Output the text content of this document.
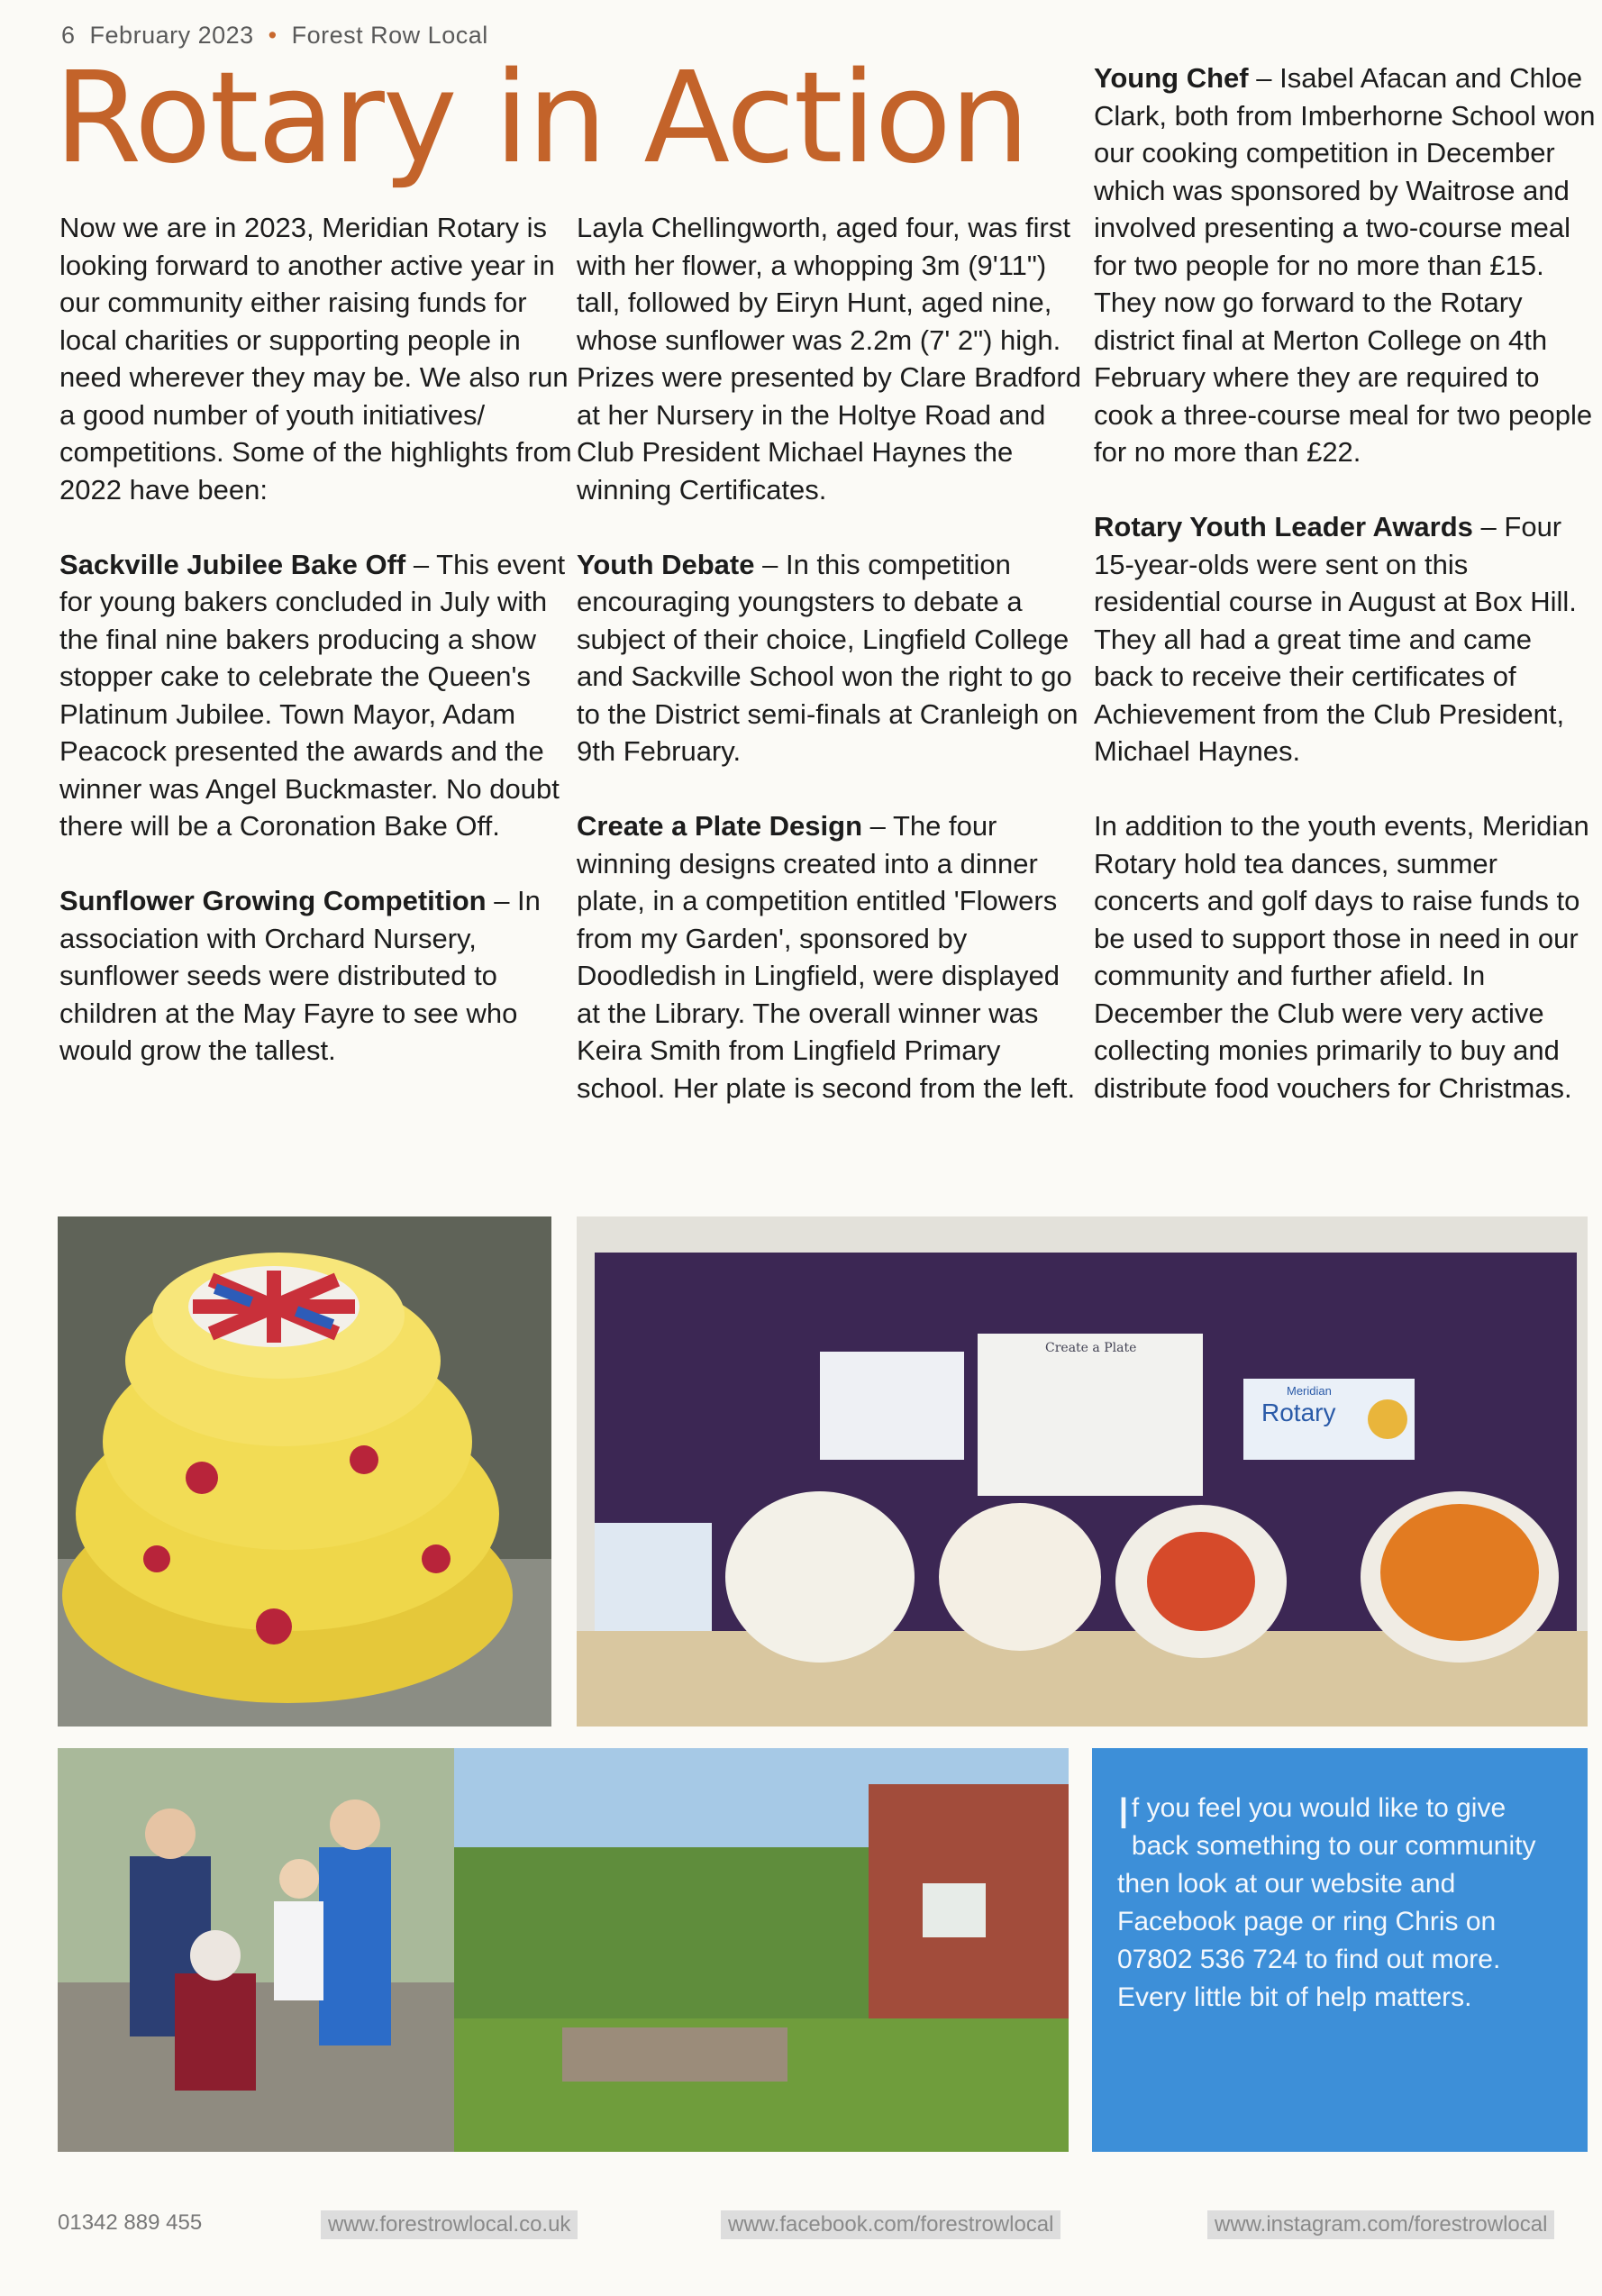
6 February 2023 • Forest Row Local
Rotary in Action

Now we are in 2023, Meridian Rotary is looking forward to another active year in our community either raising funds for local charities or supporting people in need wherever they may be. We also run a good number of youth initiatives/ competitions. Some of the highlights from 2022 have been:

Sackville Jubilee Bake Off – This event for young bakers concluded in July with the final nine bakers producing a show stopper cake to celebrate the Queen's Platinum Jubilee. Town Mayor, Adam Peacock presented the awards and the winner was Angel Buckmaster. No doubt there will be a Coronation Bake Off.

Sunflower Growing Competition – In association with Orchard Nursery, sunflower seeds were distributed to children at the May Fayre to see who would grow the tallest.

Layla Chellingworth, aged four, was first with her flower, a whopping 3m (9'11") tall, followed by Eiryn Hunt, aged nine, whose sunflower was 2.2m (7' 2") high. Prizes were presented by Clare Bradford at her Nursery in the Holtye Road and Club President Michael Haynes the winning Certificates.

Youth Debate – In this competition encouraging youngsters to debate a subject of their choice, Lingfield College and Sackville School won the right to go to the District semi-finals at Cranleigh on 9th February.

Create a Plate Design – The four winning designs created into a dinner plate, in a competition entitled 'Flowers from my Garden', sponsored by Doodledish in Lingfield, were displayed at the Library. The overall winner was Keira Smith from Lingfield Primary school. Her plate is second from the left.

Young Chef – Isabel Afacan and Chloe Clark, both from Imberhorne School won our cooking competition in December which was sponsored by Waitrose and involved presenting a two-course meal for two people for no more than £15. They now go forward to the Rotary district final at Merton College on 4th February where they are required to cook a three-course meal for two people for no more than £22.

Rotary Youth Leader Awards – Four 15-year-olds were sent on this residential course in August at Box Hill. They all had a great time and came back to receive their certificates of Achievement from the Club President, Michael Haynes.

In addition to the youth events, Meridian Rotary hold tea dances, summer concerts and golf days to raise funds to be used to support those in need in our community and further afield. In December the Club were very active collecting monies primarily to buy and distribute food vouchers for Christmas.

Create a Plate
Meridian
Rotary
If you feel you would like to give back something to our community then look at our website and Facebook page or ring Chris on
07802 536 724 to find out more.
Every little bit of help matters.
01342 889 455	www.forestrowlocal.co.uk	www.facebook.com/forestrowlocal	www.instagram.com/forestrowlocal
